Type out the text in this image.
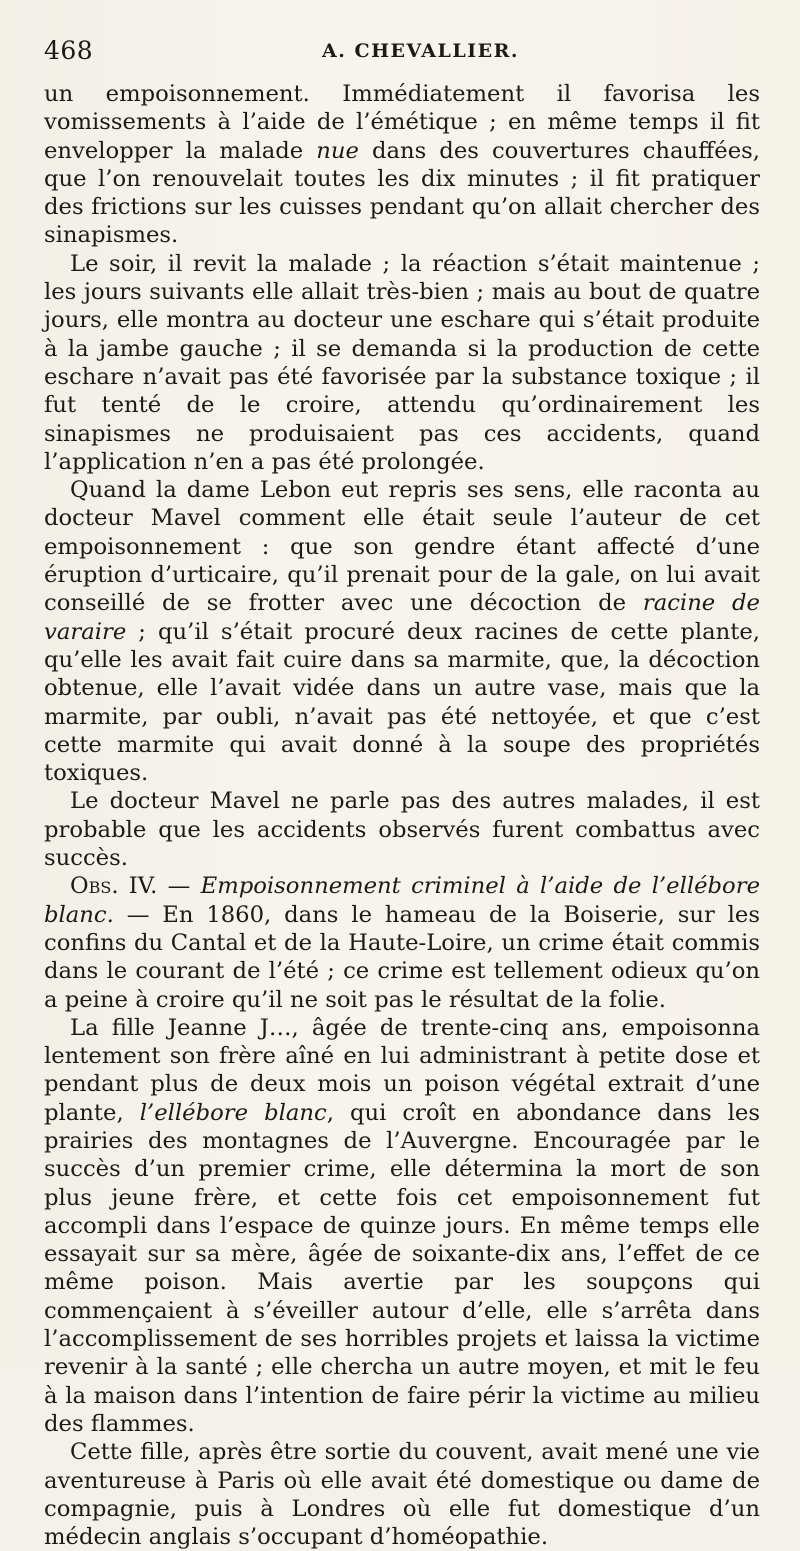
468	A. CHEVALLIER.

un empoisonnement. Immédiatement il favorisa les vomissements à l’aide de l’émétique ; en même temps il fit envelopper la malade nue dans des couvertures chauffées, que l’on renouvelait toutes les dix minutes ; il fit pratiquer des frictions sur les cuisses pendant qu’on allait chercher des sinapismes.

Le soir, il revit la malade ; la réaction s’était maintenue ; les jours suivants elle allait très-bien ; mais au bout de quatre jours, elle montra au docteur une eschare qui s’était produite à la jambe gauche ; il se demanda si la production de cette eschare n’avait pas été favorisée par la substance toxique ; il fut tenté de le croire, attendu qu’ordinairement les sinapismes ne produisaient pas ces accidents, quand l’application n’en a pas été prolongée.

Quand la dame Lebon eut repris ses sens, elle raconta au docteur Mavel comment elle était seule l’auteur de cet empoisonnement : que son gendre étant affecté d’une éruption d’urticaire, qu’il prenait pour de la gale, on lui avait conseillé de se frotter avec une décoction de racine de varaire ; qu’il s’était procuré deux racines de cette plante, qu’elle les avait fait cuire dans sa marmite, que, la décoction obtenue, elle l’avait vidée dans un autre vase, mais que la marmite, par oubli, n’avait pas été nettoyée, et que c’est cette marmite qui avait donné à la soupe des propriétés toxiques.

Le docteur Mavel ne parle pas des autres malades, il est probable que les accidents observés furent combattus avec succès.

Obs. IV. — Empoisonnement criminel à l’aide de l’ellébore blanc. — En 1860, dans le hameau de la Boiserie, sur les confins du Cantal et de la Haute-Loire, un crime était commis dans le courant de l’été ; ce crime est tellement odieux qu’on a peine à croire qu’il ne soit pas le résultat de la folie.

La fille Jeanne J…, âgée de trente-cinq ans, empoisonna lentement son frère aîné en lui administrant à petite dose et pendant plus de deux mois un poison végétal extrait d’une plante, l’ellébore blanc, qui croît en abondance dans les prairies des montagnes de l’Auvergne. Encouragée par le succès d’un premier crime, elle détermina la mort de son plus jeune frère, et cette fois cet empoisonnement fut accompli dans l’espace de quinze jours. En même temps elle essayait sur sa mère, âgée de soixante-dix ans, l’effet de ce même poison. Mais avertie par les soupçons qui commençaient à s’éveiller autour d’elle, elle s’arrêta dans l’accomplissement de ses horribles projets et laissa la victime revenir à la santé ; elle chercha un autre moyen, et mit le feu à la maison dans l’intention de faire périr la victime au milieu des flammes.

Cette fille, après être sortie du couvent, avait mené une vie aventureuse à Paris où elle avait été domestique ou dame de compagnie, puis à Londres où elle fut domestique d’un médecin anglais s’occupant d’homéopathie.
